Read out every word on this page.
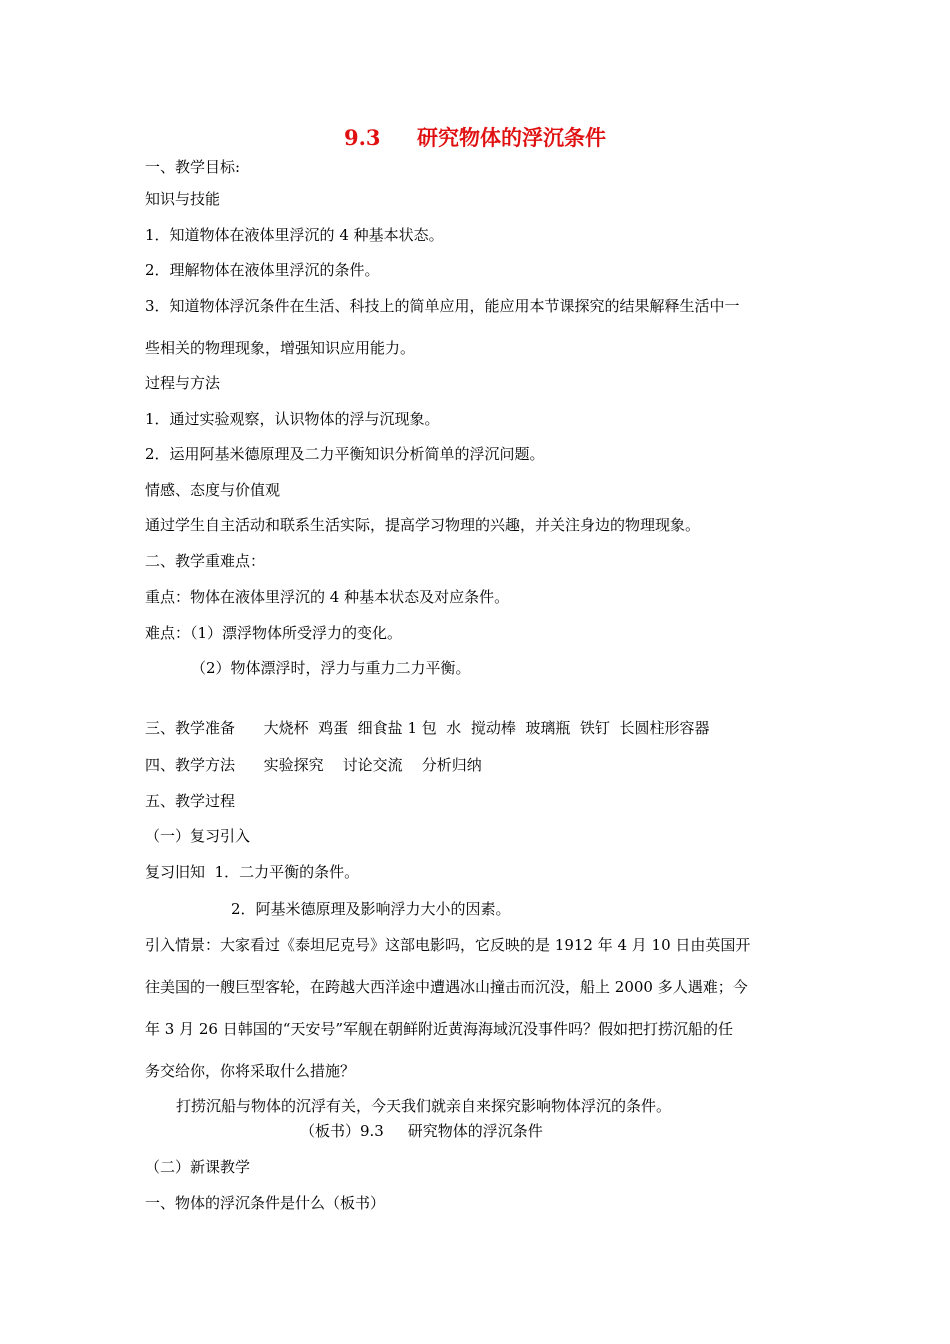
9.3     研究物体的浮沉条件
一、教学目标:
知识与技能
1．知道物体在液体里浮沉的 4 种基本状态。
2．理解物体在液体里浮沉的条件。
3．知道物体浮沉条件在生活、科技上的简单应用，能应用本节课探究的结果解释生活中一
些相关的物理现象，增强知识应用能力。
过程与方法
1．通过实验观察，认识物体的浮与沉现象。
2．运用阿基米德原理及二力平衡知识分析简单的浮沉问题。
情感、态度与价值观
通过学生自主活动和联系生活实际，提高学习物理的兴趣，并关注身边的物理现象。
二、教学重难点：
重点：物体在液体里浮沉的 4 种基本状态及对应条件。
难点：（1）漂浮物体所受浮力的变化。
（2）物体漂浮时，浮力与重力二力平衡。
三、教学准备      大烧杯  鸡蛋  细食盐 1 包  水  搅动棒  玻璃瓶  铁钉  长圆柱形容器
四、教学方法      实验探究    讨论交流    分析归纳
五、教学过程
（一）复习引入
复习旧知  1．二力平衡的条件。
2．阿基米德原理及影响浮力大小的因素。
引入情景：大家看过《泰坦尼克号》这部电影吗，它反映的是 1912 年 4 月 10 日由英国开
往美国的一艘巨型客轮，在跨越大西洋途中遭遇冰山撞击而沉没，船上 2000 多人遇难；今
年 3 月 26 日韩国的“天安号”军舰在朝鲜附近黄海海域沉没事件吗？假如把打捞沉船的任
务交给你，你将采取什么措施？
打捞沉船与物体的沉浮有关，今天我们就亲自来探究影响物体浮沉的条件。
（板书）9.3     研究物体的浮沉条件
（二）新课教学
一、物体的浮沉条件是什么（板书）
